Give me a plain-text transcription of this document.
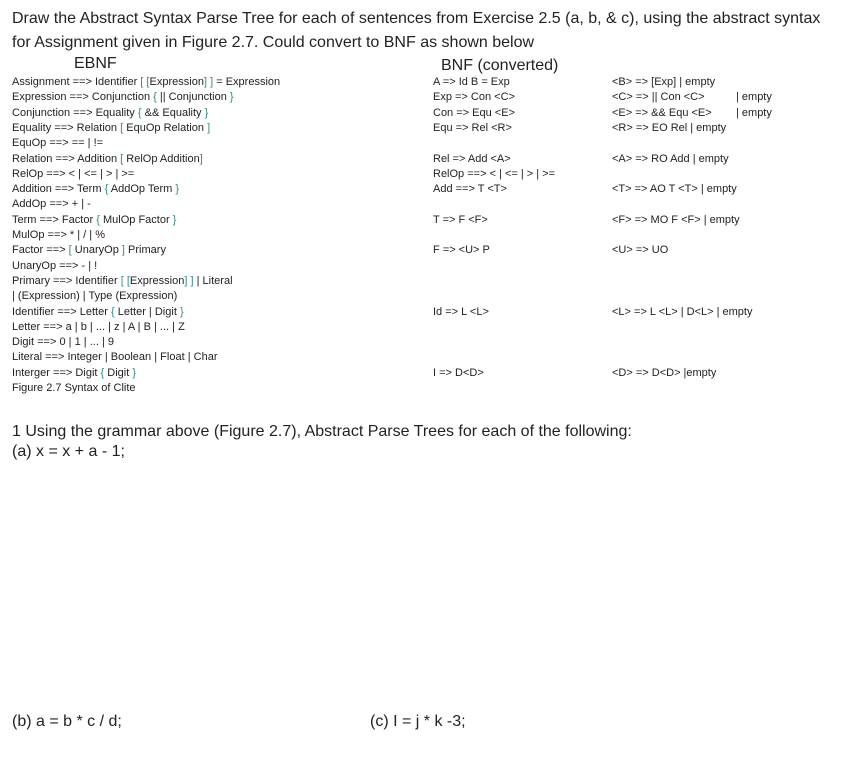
Draw the Abstract Syntax Parse Tree for each of sentences from Exercise 2.5 (a, b, & c), using the abstract syntax
for Assignment given in Figure 2.7. Could convert to BNF as shown below
EBNF	BNF (converted)
Assignment ==> Identifier [ [Expression] ] = Expression
Expression ==> Conjunction { || Conjunction }
Conjunction ==> Equality { && Equality }
Equality ==> Relation [ EquOp Relation ]
EquOp ==> == | !=
Relation ==> Addition [ RelOp Addition]
RelOp ==> < | <= | > | >=
Addition ==> Term { AddOp Term }
AddOp ==> + | -
Term ==> Factor { MulOp Factor }
MulOp ==> * | / | %
Factor ==> [ UnaryOp ] Primary
UnaryOp ==> - | !
Primary ==> Identifier [ [Expression] ] | Literal
| (Expression) | Type (Expression)
Identifier ==> Letter { Letter | Digit }
Letter ==> a | b | ... | z | A | B | ... | Z
Digit ==> 0 | 1 | ... | 9
Literal ==> Integer | Boolean | Float | Char
Interger ==> Digit { Digit }
Figure 2.7 Syntax of Clite
A => Id B = Exp
Exp => Con <C>
Con => Equ <E>
Equ => Rel <R>
Rel => Add <A>
RelOp ==> < | <= | > | >=
Add ==> T <T>
T => F <F>
F => <U> P
Id => L <L>
I => D<D>
<B> => [Exp] | empty
<C> => || Con <C>
<E> => && Equ <E>
<R> => EO Rel | empty
<A> => RO Add | empty
<T> => AO T <T> | empty
<F> => MO F <F> | empty
<U> => UO
<L> => L <L> | D<L> | empty
<D> => D<D> |empty
| empty
| empty
1 Using the grammar above (Figure 2.7), Abstract Parse Trees for each of the following:
(a) x = x + a - 1;
(b) a = b * c / d;	(c) I = j * k -3;
